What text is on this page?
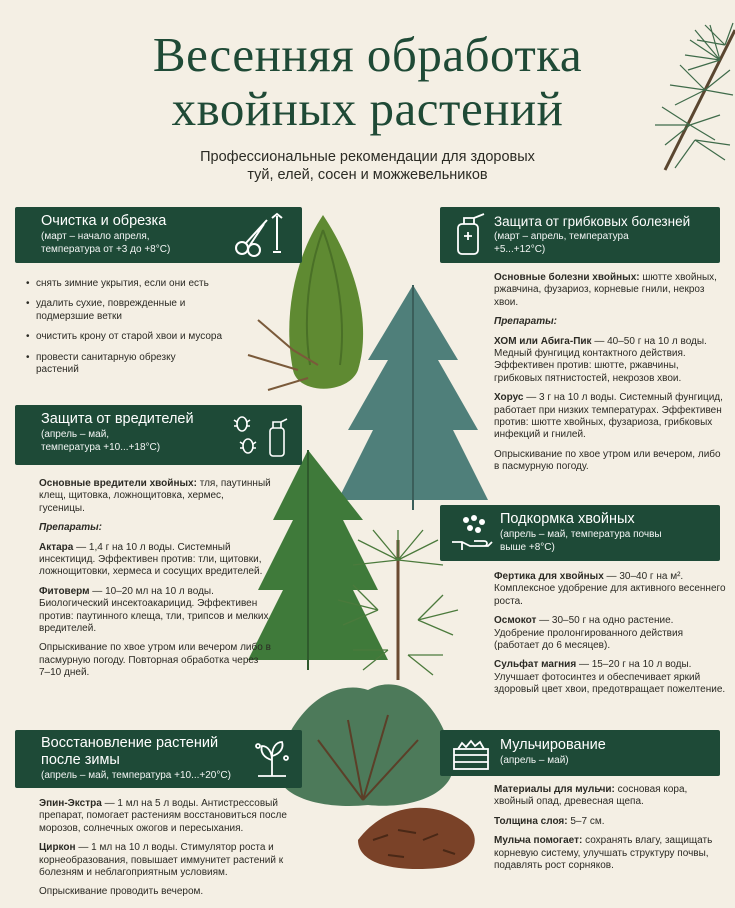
Весенняя обработка
хвойных растений
Профессиональные рекомендации для здоровых
туй, елей, сосен и можжевельников
Очистка и обрезка
(март – начало апреля,
температура от +3 до +8°C)
• снять зимние укрытия, если они есть
• удалить сухие, поврежденные и подмерзшие ветки
• очистить крону от старой хвои и мусора
• провести санитарную обрезку растений
Защита от вредителей
(апрель – май,
температура +10...+18°C)

Основные вредители хвойных: тля, паутинный клещ, щитовка, ложнощитовка, хермес, гусеницы.

Препараты:

Актара — 1,4 г на 10 л воды. Системный инсектицид. Эффективен против: тли, щитовки, ложнощитовки, хермеса и сосущих вредителей.

Фитоверм — 10–20 мл на 10 л воды. Биологический инсектоакарицид. Эффективен против: паутинного клеща, тли, трипсов и мелких вредителей.

Опрыскивание по хвое утром или вечером либо в пасмурную погоду. Повторная обработка через 7–10 дней.

Восстановление растений
после зимы
(апрель – май, температура +10...+20°C)

Эпин-Экстра — 1 мл на 5 л воды. Антистрессовый препарат, помогает растениям восстановиться после морозов, солнечных ожогов и пересыхания.

Циркон — 1 мл на 10 л воды. Стимулятор роста и корнеобразования, повышает иммунитет растений к болезням и неблагоприятным условиям.

Опрыскивание проводить вечером.

Защита от грибковых болезней
(март – апрель, температура
+5...+12°C)

Основные болезни хвойных: шютте хвойных, ржавчина, фузариоз, корневые гнили, некроз хвои.

Препараты:

ХОМ или Абига-Пик — 40–50 г на 10 л воды. Медный фунгицид контактного действия. Эффективен против: шютте, ржавчины, грибковых пятнистостей, некрозов хвои.

Хорус — 3 г на 10 л воды. Системный фунгицид, работает при низких температурах. Эффективен против: шютте хвойных, фузариоза, грибковых инфекций и гнилей.

Опрыскивание по хвое утром или вечером, либо в пасмурную погоду.

Подкормка хвойных
(апрель – май, температура почвы
выше +8°C)

Фертика для хвойных — 30–40 г на м². Комплексное удобрение для активного весеннего роста.

Осмокот — 30–50 г на одно растение. Удобрение пролонгированного действия (работает до 6 месяцев).

Сульфат магния — 15–20 г на 10 л воды. Улучшает фотосинтез и обеспечивает яркий здоровый цвет хвои, предотвращает пожелтение.

Мульчирование
(апрель – май)

Материалы для мульчи: сосновая кора, хвойный опад, древесная щепа.

Толщина слоя: 5–7 см.

Мульча помогает: сохранять влагу, защищать корневую систему, улучшать структуру почвы, подавлять рост сорняков.
